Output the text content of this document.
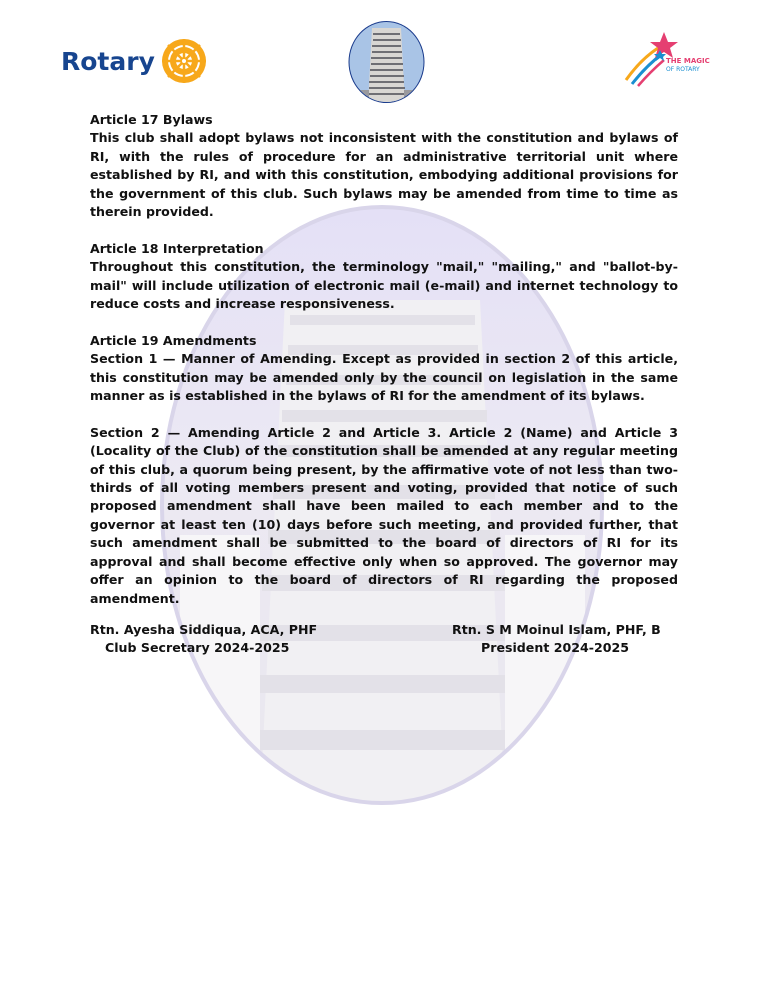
Rotary	THE MAGIC
OF ROTARY

Article 17 Bylaws

This club shall adopt bylaws not inconsistent with the constitution and bylaws of RI, with the rules of procedure for an administrative territorial unit where established by RI, and with this constitution, embodying additional provisions for the government of this club. Such bylaws may be amended from time to time as therein provided.

Article 18 Interpretation

Throughout this constitution, the terminology "mail," "mailing," and "ballot-by-mail" will include utilization of electronic mail (e-mail) and internet technology to reduce costs and increase responsiveness.

Article 19 Amendments

Section 1 — Manner of Amending. Except as provided in section 2 of this article, this constitution may be amended only by the council on legislation in the same manner as is established in the bylaws of RI for the amendment of its bylaws.

Section 2 — Amending Article 2 and Article 3. Article 2 (Name) and Article 3 (Locality of the Club) of the constitution shall be amended at any regular meeting of this club, a quorum being present, by the affirmative vote of not less than two-thirds of all voting members present and voting, provided that notice of such proposed amendment shall have been mailed to each member and to the governor at least ten (10) days before such meeting, and provided further, that such amendment shall be submitted to the board of directors of RI for its approval and shall become effective only when so approved. The governor may offer an opinion to the board of directors of RI regarding the proposed amendment.

Rtn. Ayesha Siddiqua, ACA, PHF
Club Secretary 2024-2025
Rtn. S M Moinul Islam, PHF, B
President 2024-2025
